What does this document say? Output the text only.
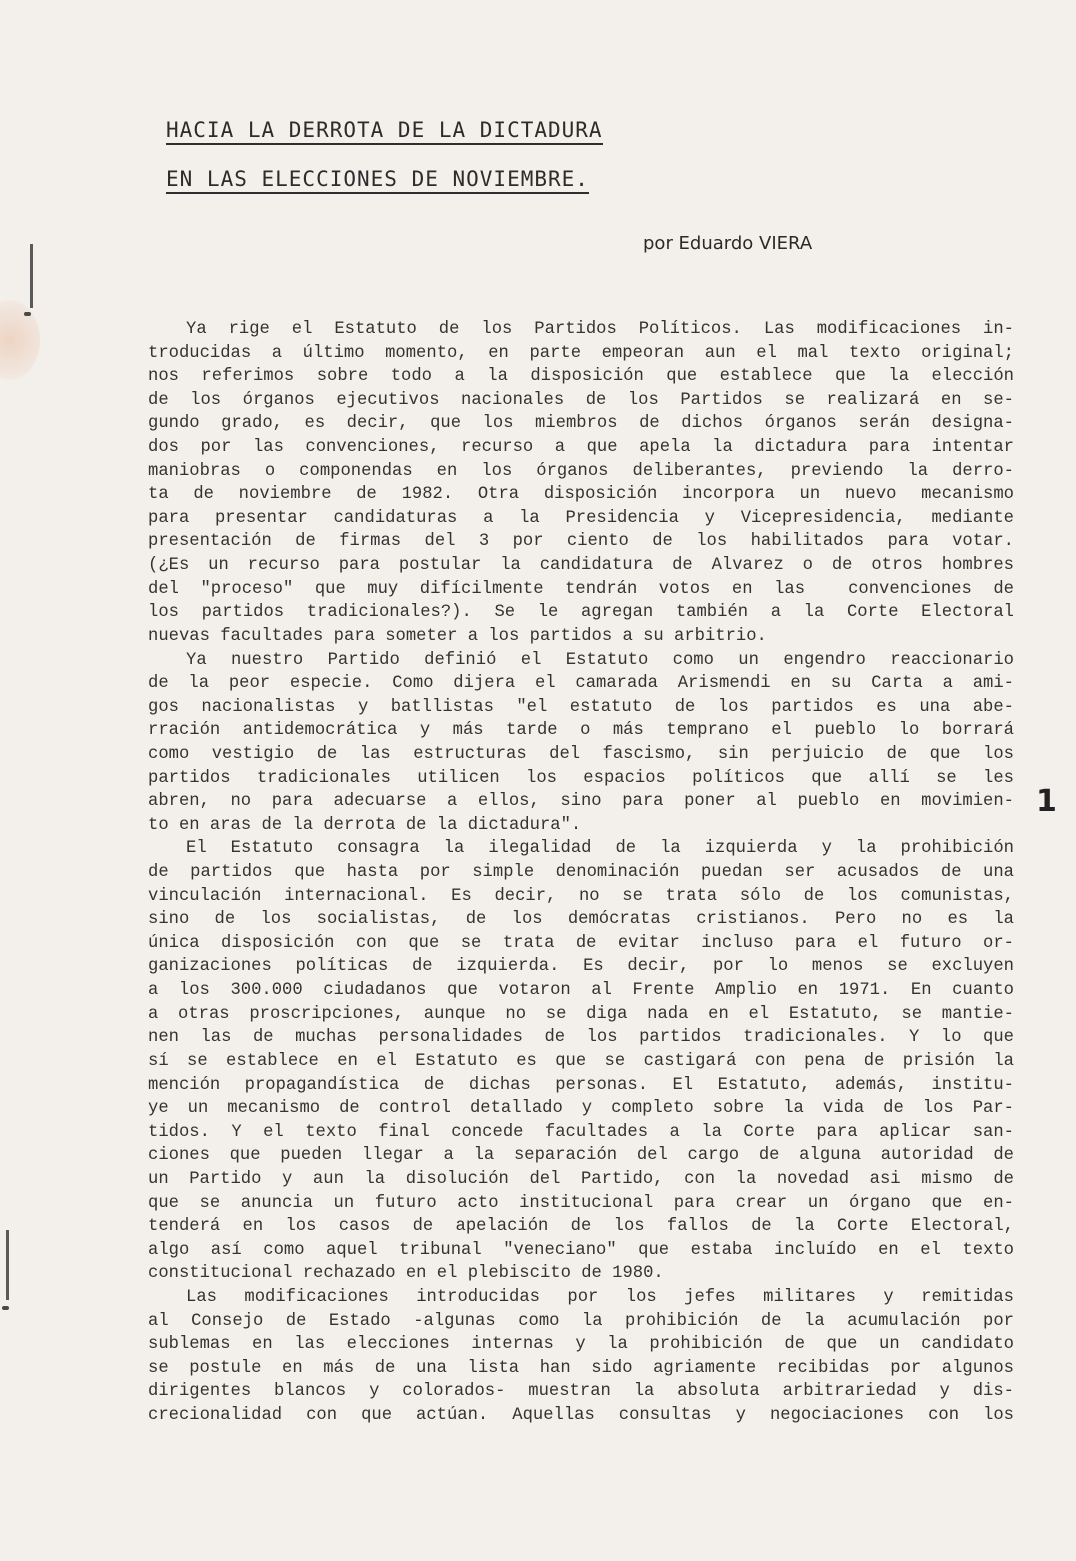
HACIA LA DERROTA DE LA DICTADURA
EN LAS ELECCIONES DE NOVIEMBRE.
por Eduardo VIERA
Ya rige el Estatuto de los Partidos Políticos. Las modificaciones in-
troducidas a último momento, en parte empeoran aun el mal texto original;
nos referimos sobre todo a la disposición que establece que la elección
de los órganos ejecutivos nacionales de los Partidos se realizará en se-
gundo grado, es decir, que los miembros de dichos órganos serán designa-
dos por las convenciones, recurso a que apela la dictadura para intentar
maniobras o componendas en los órganos deliberantes, previendo la derro-
ta de noviembre de 1982. Otra disposición incorpora un nuevo mecanismo
para presentar candidaturas a la Presidencia y Vicepresidencia, mediante
presentación de firmas del 3 por ciento de los habilitados para votar.
(¿Es un recurso para postular la candidatura de Alvarez o de otros hombres
del "proceso" que muy difícilmente tendrán votos en las  convenciones de
los partidos tradicionales?). Se le agregan también a la Corte Electoral
nuevas facultades para someter a los partidos a su arbitrio.
Ya nuestro Partido definió el Estatuto como un engendro reaccionario
de la peor especie. Como dijera el camarada Arismendi en su Carta a ami-
gos nacionalistas y batllistas "el estatuto de los partidos es una abe-
rración antidemocrática y más tarde o más temprano el pueblo lo borrará
como vestigio de las estructuras del fascismo, sin perjuicio de que los
partidos tradicionales utilicen los espacios políticos que allí se les
abren, no para adecuarse a ellos, sino para poner al pueblo en movimien-
to en aras de la derrota de la dictadura".
El Estatuto consagra la ilegalidad de la izquierda y la prohibición
de partidos que hasta por simple denominación puedan ser acusados de una
vinculación internacional. Es decir, no se trata sólo de los comunistas,
sino de los socialistas, de los demócratas cristianos. Pero no es la
única disposición con que se trata de evitar incluso para el futuro or-
ganizaciones políticas de izquierda. Es decir, por lo menos se excluyen
a los 300.000 ciudadanos que votaron al Frente Amplio en 1971. En cuanto
a otras proscripciones, aunque no se diga nada en el Estatuto, se mantie-
nen las de muchas personalidades de los partidos tradicionales. Y lo que
sí se establece en el Estatuto es que se castigará con pena de prisión la
mención propagandística de dichas personas. El Estatuto, además, institu-
ye un mecanismo de control detallado y completo sobre la vida de los Par-
tidos. Y el texto final concede facultades a la Corte para aplicar san-
ciones que pueden llegar a la separación del cargo de alguna autoridad de
un Partido y aun la disolución del Partido, con la novedad asi mismo de
que se anuncia un futuro acto institucional para crear un órgano que en-
tenderá en los casos de apelación de los fallos de la Corte Electoral,
algo así como aquel tribunal "veneciano" que estaba incluído en el texto
constitucional rechazado en el plebiscito de 1980.
Las modificaciones introducidas por los jefes militares y remitidas
al Consejo de Estado -algunas como la prohibición de la acumulación por
sublemas en las elecciones internas y la prohibición de que un candidato
se postule en más de una lista han sido agriamente recibidas por algunos
dirigentes blancos y colorados- muestran la absoluta arbitrariedad y dis-
crecionalidad con que actúan. Aquellas consultas y negociaciones con los
1
